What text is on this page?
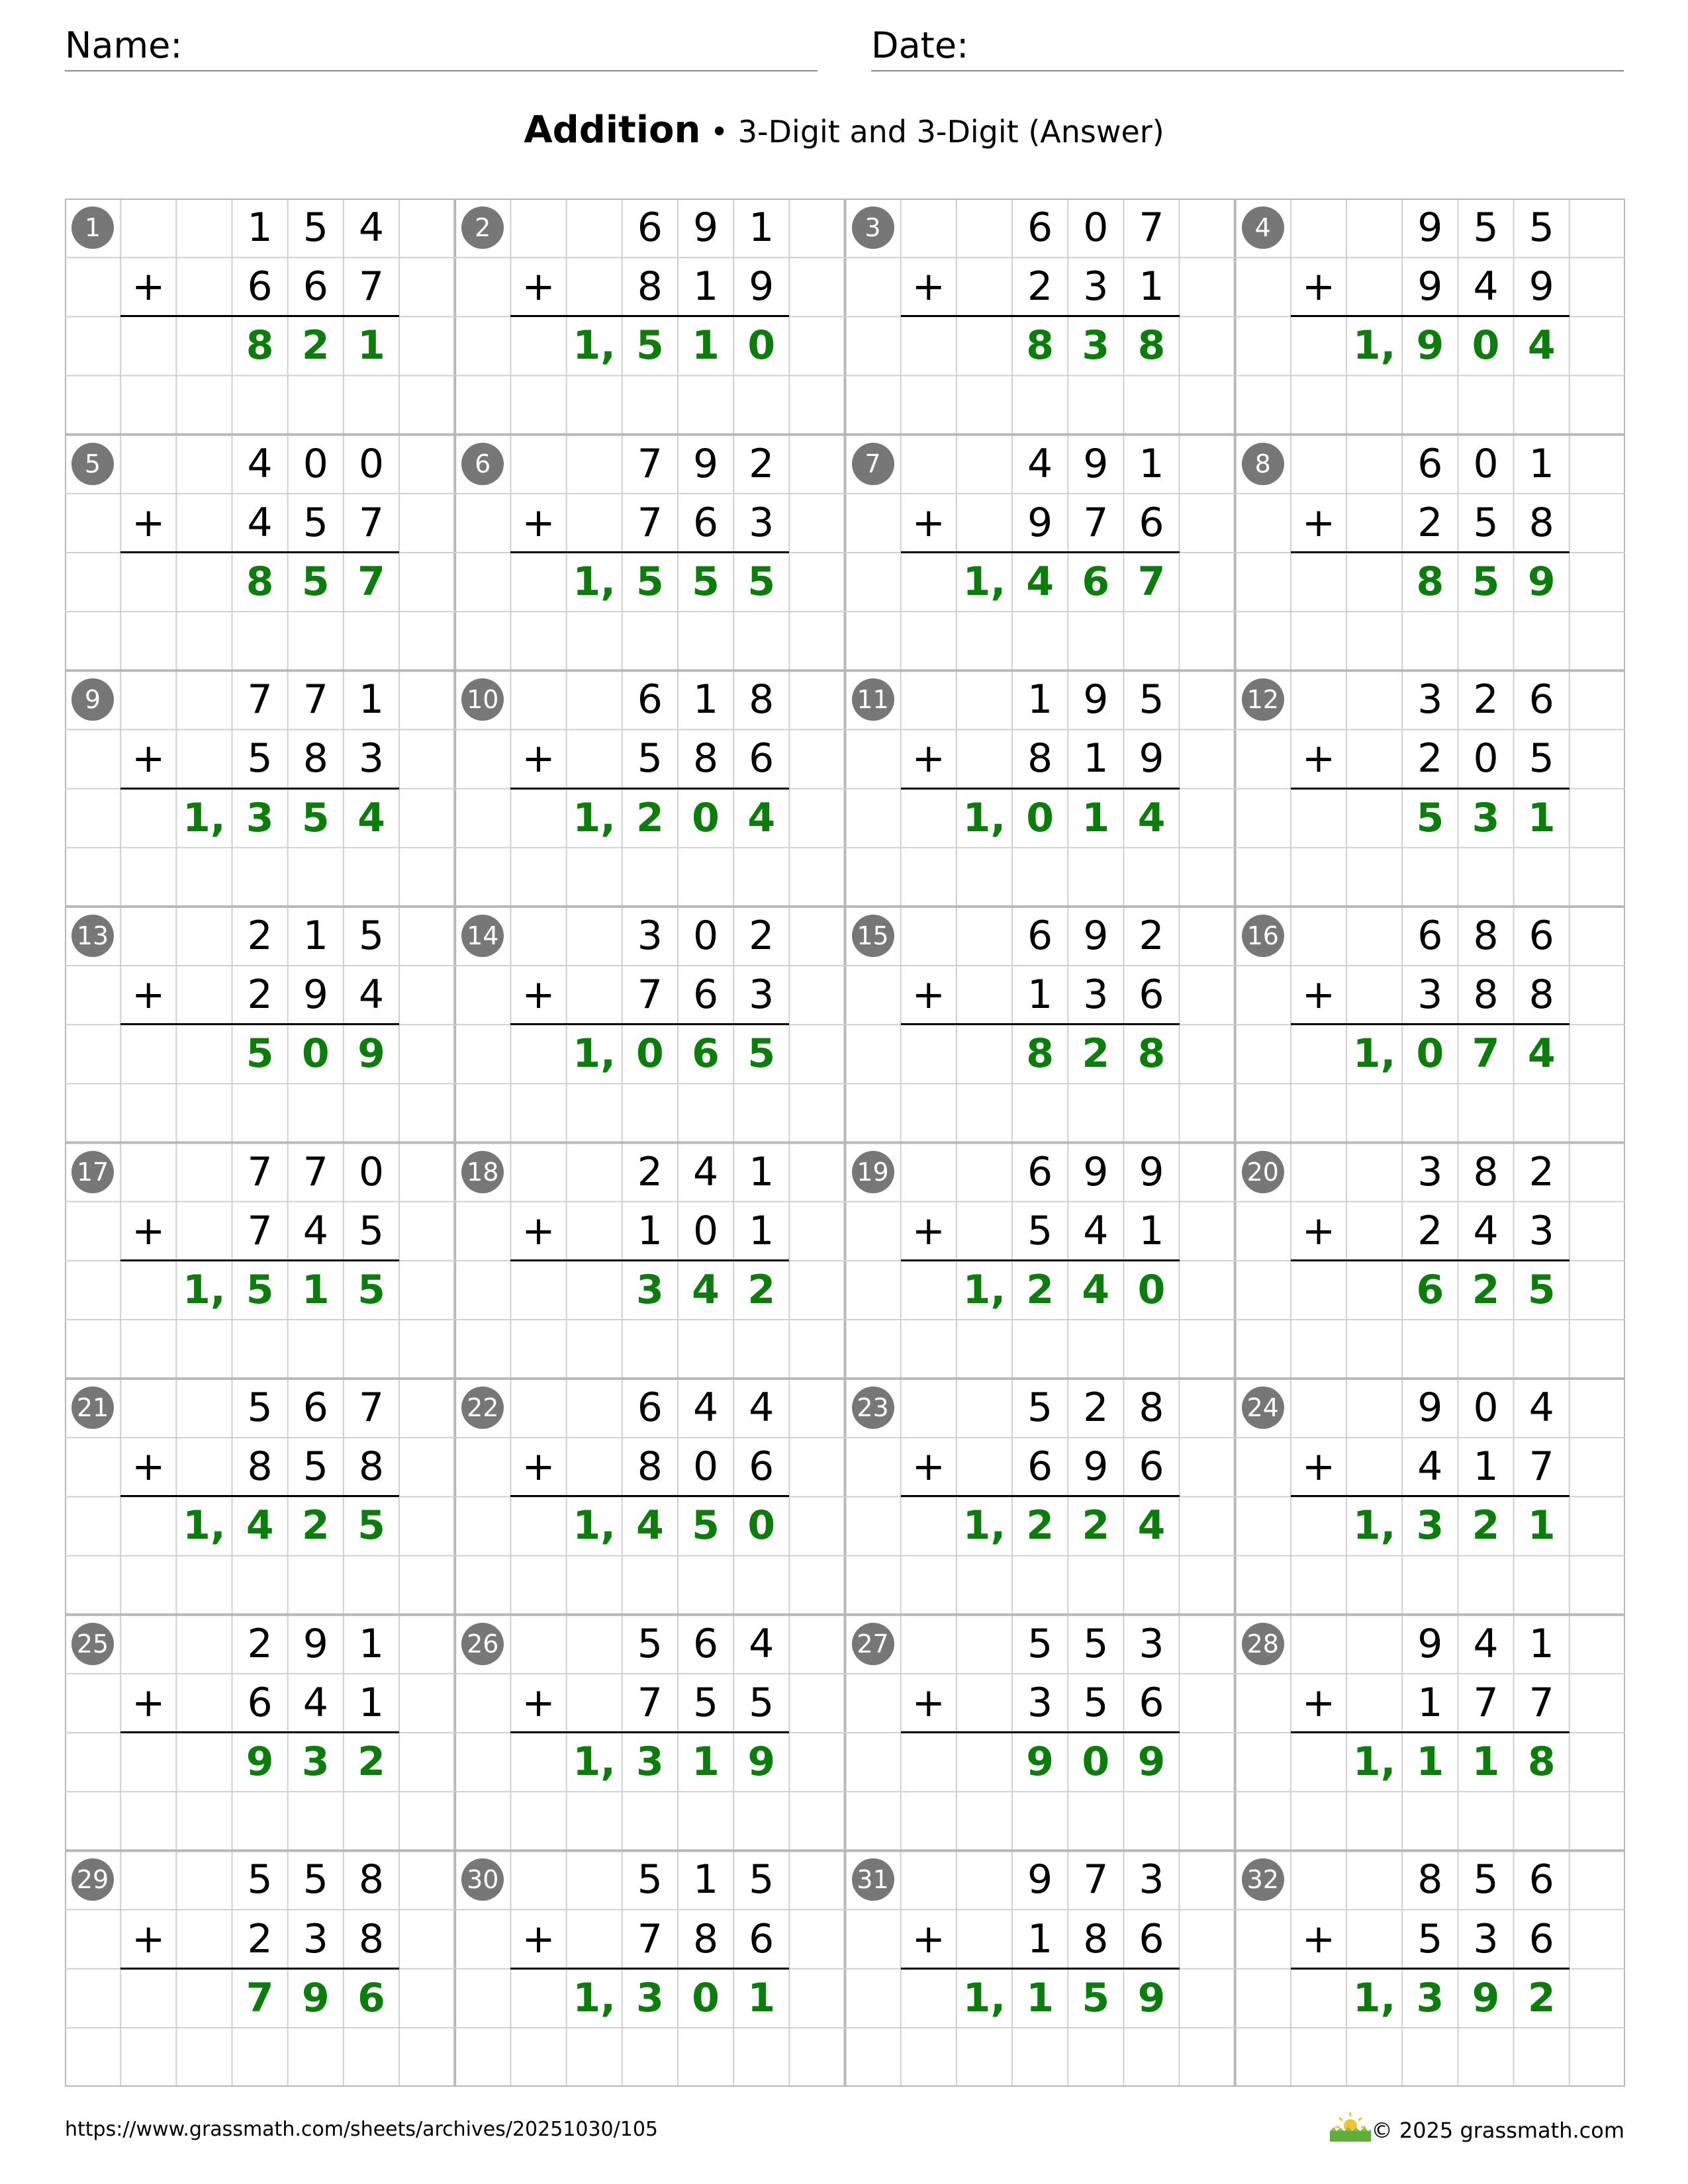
Name:	Date:
Addition • 3-Digit and 3-Digit (Answer)
1	1 5 4
+	6 6 7
8 2 1
2	6 9 1
+	8 1 9
1, 5 1 0
3	6 0 7
+	2 3 1
8 3 8
4	9 5 5
+	9 4 9
1, 9 0 4
5	4 0 0
+	4 5 7
8 5 7
6	7 9 2
+	7 6 3
1, 5 5 5
7	4 9 1
+	9 7 6
1, 4 6 7
8	6 0 1
+	2 5 8
8 5 9
9	7 7 1
+	5 8 3
1, 3 5 4
10	6 1 8
+	5 8 6
1, 2 0 4
11	1 9 5
+	8 1 9
1, 0 1 4
12	3 2 6
+	2 0 5
5 3 1
13	2 1 5
+	2 9 4
5 0 9
14	3 0 2
+	7 6 3
1, 0 6 5
15	6 9 2
+	1 3 6
8 2 8
16	6 8 6
+	3 8 8
1, 0 7 4
17	7 7 0
+	7 4 5
1, 5 1 5
18	2 4 1
+	1 0 1
3 4 2
19	6 9 9
+	5 4 1
1, 2 4 0
20	3 8 2
+	2 4 3
6 2 5
21	5 6 7
+	8 5 8
1, 4 2 5
22	6 4 4
+	8 0 6
1, 4 5 0
23	5 2 8
+	6 9 6
1, 2 2 4
24	9 0 4
+	4 1 7
1, 3 2 1
25	2 9 1
+	6 4 1
9 3 2
26	5 6 4
+	7 5 5
1, 3 1 9
27	5 5 3
+	3 5 6
9 0 9
28	9 4 1
+	1 7 7
1, 1 1 8
29	5 5 8
+	2 3 8
7 9 6
30	5 1 5
+	7 8 6
1, 3 0 1
31	9 7 3
+	1 8 6
1, 1 5 9
32	8 5 6
+	5 3 6
1, 3 9 2
https://www.grassmath.com/sheets/archives/20251030/105	© 2025 grassmath.com
